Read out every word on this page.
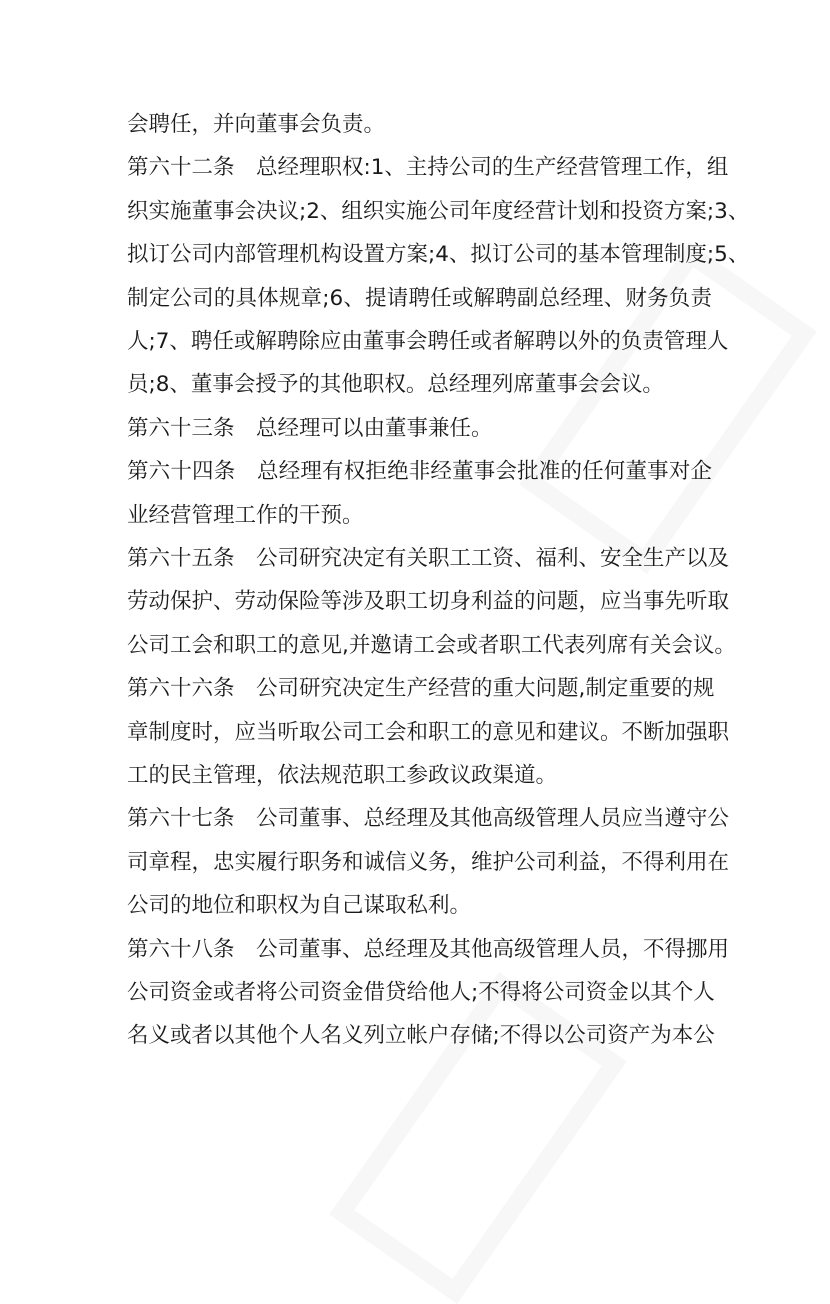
会聘任，并向董事会负责。
第六十二条　总经理职权:1、主持公司的生产经营管理工作，组
织实施董事会决议;2、组织实施公司年度经营计划和投资方案;3、
拟订公司内部管理机构设置方案;4、拟订公司的基本管理制度;5、
制定公司的具体规章;6、提请聘任或解聘副总经理、财务负责
人;7、聘任或解聘除应由董事会聘任或者解聘以外的负责管理人
员;8、董事会授予的其他职权。总经理列席董事会会议。
第六十三条　总经理可以由董事兼任。
第六十四条　总经理有权拒绝非经董事会批准的任何董事对企
业经营管理工作的干预。
第六十五条　公司研究决定有关职工工资、福利、安全生产以及
劳动保护、劳动保险等涉及职工切身利益的问题，应当事先听取
公司工会和职工的意见,并邀请工会或者职工代表列席有关会议。
第六十六条　公司研究决定生产经营的重大问题,制定重要的规
章制度时，应当听取公司工会和职工的意见和建议。不断加强职
工的民主管理，依法规范职工参政议政渠道。
第六十七条　公司董事、总经理及其他高级管理人员应当遵守公
司章程，忠实履行职务和诚信义务，维护公司利益，不得利用在
公司的地位和职权为自己谋取私利。
第六十八条　公司董事、总经理及其他高级管理人员，不得挪用
公司资金或者将公司资金借贷给他人;不得将公司资金以其个人
名义或者以其他个人名义列立帐户存储;不得以公司资产为本公
